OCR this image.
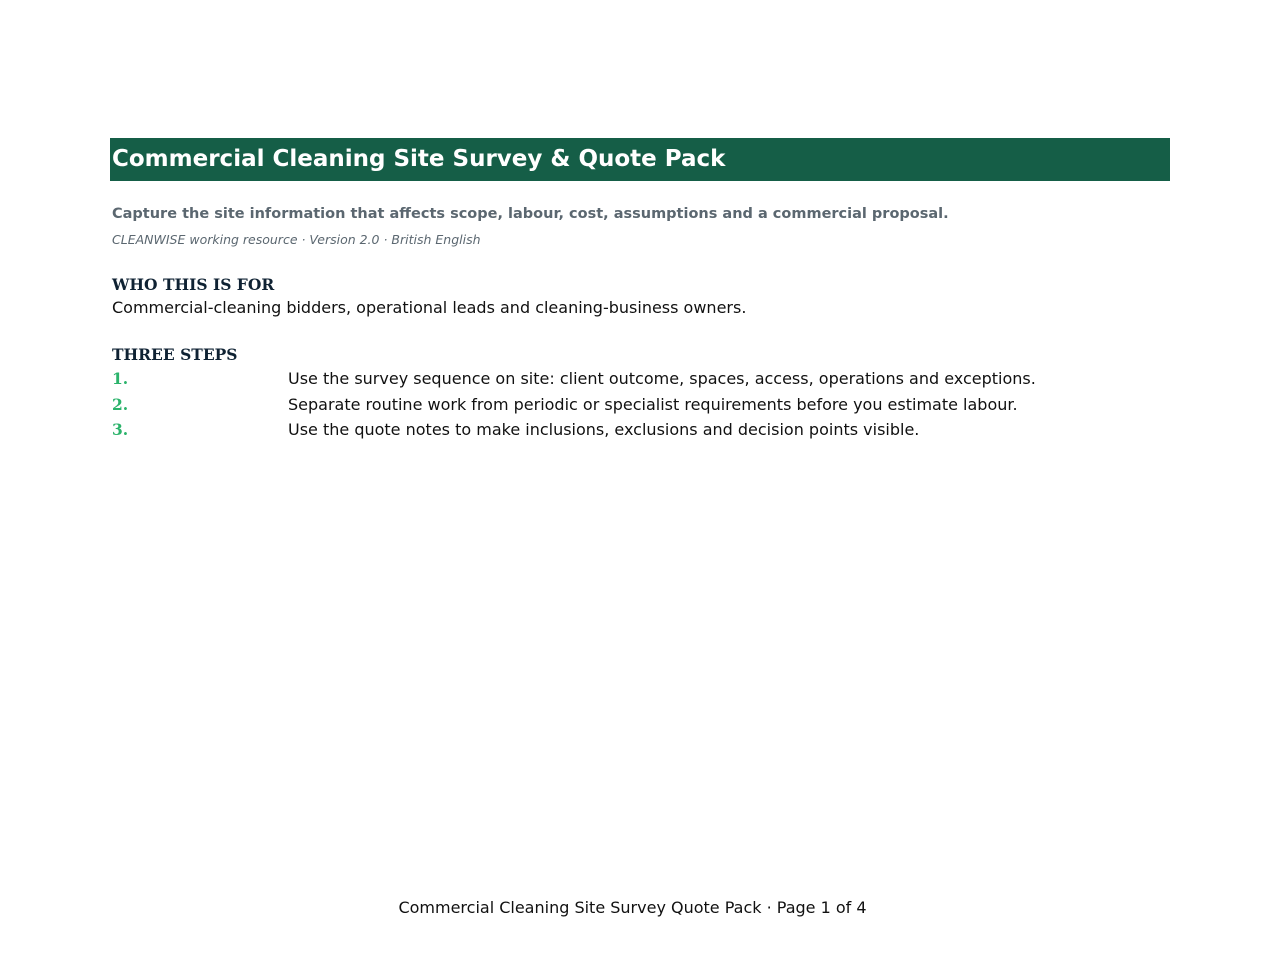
Commercial Cleaning Site Survey & Quote Pack
Capture the site information that affects scope, labour, cost, assumptions and a commercial proposal.
CLEANWISE working resource · Version 2.0 · British English
WHO THIS IS FOR
Commercial-cleaning bidders, operational leads and cleaning-business owners.
THREE STEPS
1.	Use the survey sequence on site: client outcome, spaces, access, operations and exceptions.
2.	Separate routine work from periodic or specialist requirements before you estimate labour.
3.	Use the quote notes to make inclusions, exclusions and decision points visible.
Commercial Cleaning Site Survey Quote Pack · Page 1 of 4
